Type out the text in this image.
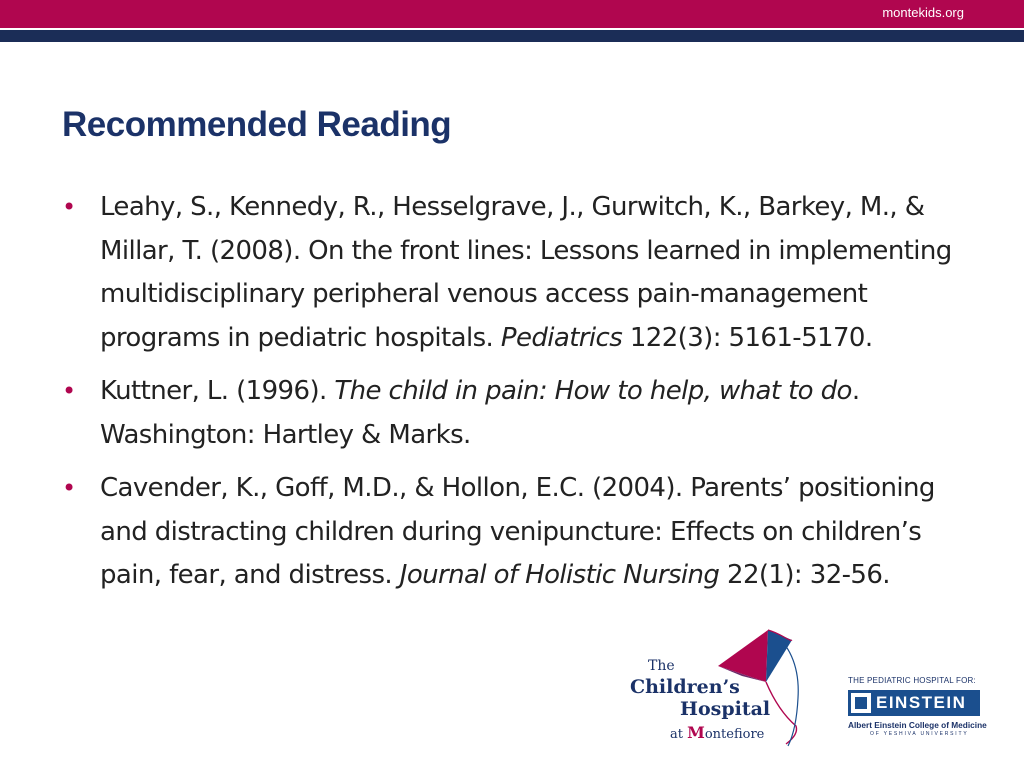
montekids.org
Recommended Reading
• Leahy, S., Kennedy, R., Hesselgrave, J., Gurwitch, K., Barkey, M., & Millar, T. (2008). On the front lines: Lessons learned in implementing multidisciplinary peripheral venous access pain-management programs in pediatric hospitals. Pediatrics 122(3): 5161-5170.
• Kuttner, L. (1996). The child in pain: How to help, what to do. Washington: Hartley & Marks.
• Cavender, K., Goff, M.D., & Hollon, E.C. (2004). Parents’ positioning and distracting children during venipuncture: Effects on children’s pain, fear, and distress. Journal of Holistic Nursing 22(1): 32-56.
The
Children’s
Hospital
at Montefiore
THE PEDIATRIC HOSPITAL FOR:
EINSTEIN
Albert Einstein College of Medicine
OF YESHIVA UNIVERSITY
